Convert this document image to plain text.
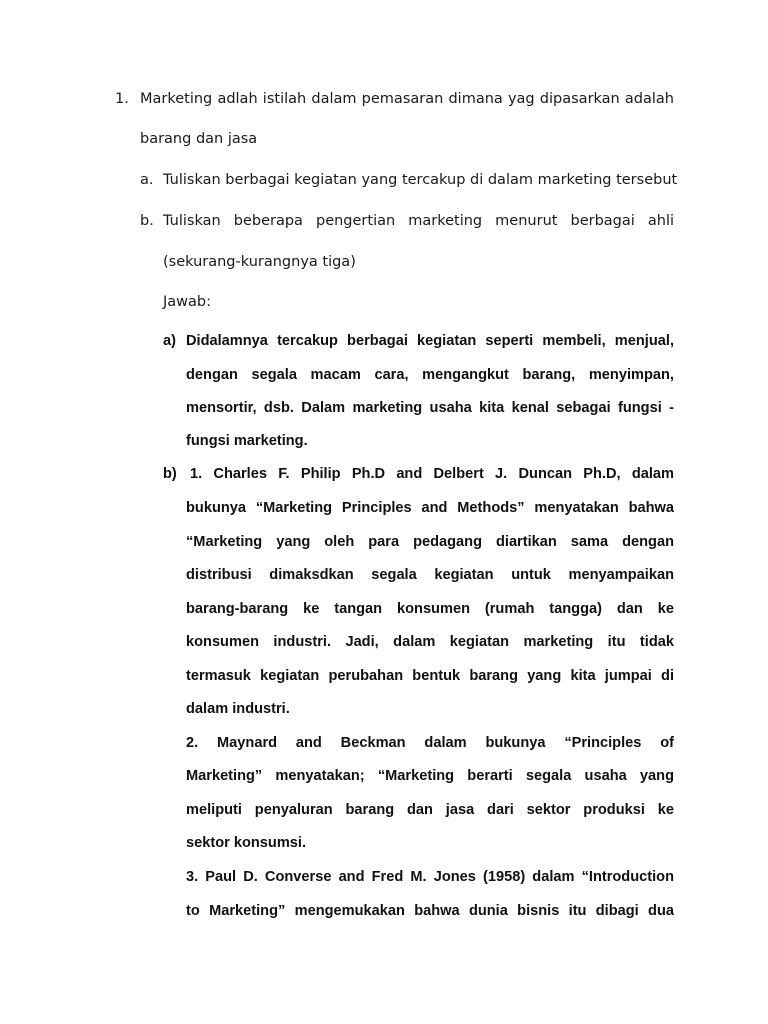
1. Marketing adlah istilah dalam pemasaran dimana yag dipasarkan adalah
barang dan jasa
a. Tuliskan berbagai kegiatan yang tercakup di dalam marketing tersebut
b. Tuliskan beberapa pengertian marketing menurut berbagai ahli
(sekurang-kurangnya tiga)
Jawab:
a) Didalamnya tercakup berbagai kegiatan seperti membeli, menjual,
dengan segala macam cara, mengangkut barang, menyimpan,
mensortir, dsb. Dalam marketing usaha kita kenal sebagai fungsi -
fungsi marketing.
b) 1. Charles F. Philip Ph.D and Delbert J. Duncan Ph.D, dalam
bukunya “Marketing Principles and Methods” menyatakan bahwa
“Marketing yang oleh para pedagang diartikan sama dengan
distribusi dimaksdkan segala kegiatan untuk menyampaikan
barang-barang ke tangan konsumen (rumah tangga) dan ke
konsumen industri. Jadi, dalam kegiatan marketing itu tidak
termasuk kegiatan perubahan bentuk barang yang kita jumpai di
dalam industri.
2. Maynard and Beckman dalam bukunya “Principles of
Marketing” menyatakan; “Marketing berarti segala usaha yang
meliputi penyaluran barang dan jasa dari sektor produksi ke
sektor konsumsi.
3. Paul D. Converse and Fred M. Jones (1958) dalam “Introduction
to Marketing” mengemukakan bahwa dunia bisnis itu dibagi dua
